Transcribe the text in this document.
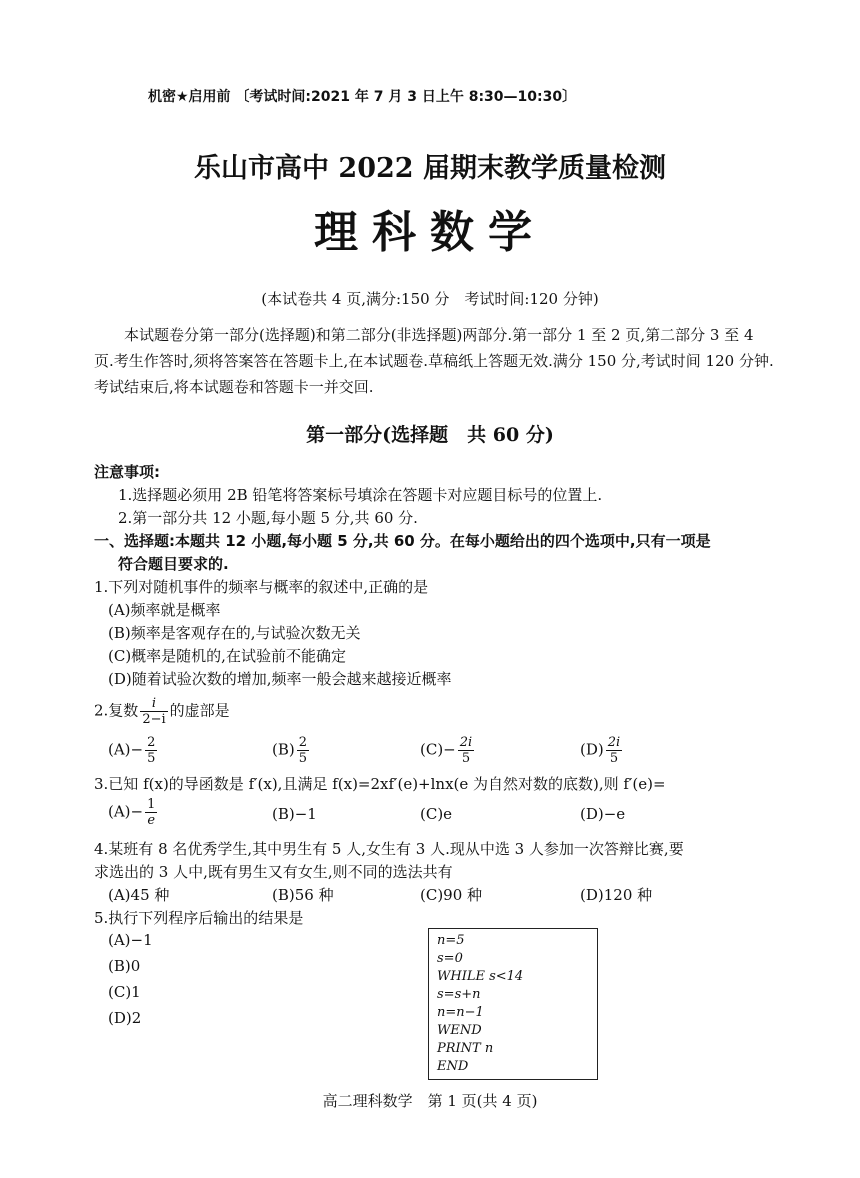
机密★启用前 〔考试时间:2021 年 7 月 3 日上午 8:30—10:30〕
乐山市高中 2022 届期末教学质量检测
理科数学
(本试卷共 4 页,满分:150 分　考试时间:120 分钟)
本试题卷分第一部分(选择题)和第二部分(非选择题)两部分.第一部分 1 至 2 页,第二部分 3 至 4 页.考生作答时,须将答案答在答题卡上,在本试题卷.草稿纸上答题无效.满分 150 分,考试时间 120 分钟.考试结束后,将本试题卷和答题卡一并交回.
第一部分(选择题　共 60 分)
注意事项:
1.选择题必须用 2B 铅笔将答案标号填涂在答题卡对应题目标号的位置上.
2.第一部分共 12 小题,每小题 5 分,共 60 分.
一、选择题:本题共 12 小题,每小题 5 分,共 60 分。在每小题给出的四个选项中,只有一项是
符合题目要求的.
1.下列对随机事件的频率与概率的叙述中,正确的是
(A)频率就是概率
(B)频率是客观存在的,与试验次数无关
(C)概率是随机的,在试验前不能确定
(D)随着试验次数的增加,频率一般会越来越接近概率
2.复数 $\frac{i}{2-i}$ 的虚部是
$(A)- \frac{2}{5}$	$(B) \frac{2}{5}$	$(C)- \frac{2i}{5}$	$(D) \frac{2i}{5}$
3.已知 f(x)的导函数是 f′(x),且满足 f(x)=2xf′(e)+lnx(e 为自然对数的底数),则 f′(e)=
$(A)- \frac{1}{e}$	(B)−1	(C)e	(D)−e
4.某班有 8 名优秀学生,其中男生有 5 人,女生有 3 人.现从中选 3 人参加一次答辩比赛,要
求选出的 3 人中,既有男生又有女生,则不同的选法共有
(A)45 种	(B)56 种	(C)90 种	(D)120 种
5.执行下列程序后输出的结果是
(A)−1
(B)0
(C)1
(D)2
n=5
s=0
WHILE s<14
s=s+n
n=n−1
WEND
PRINT n
END
高二理科数学　第 1 页(共 4 页)
